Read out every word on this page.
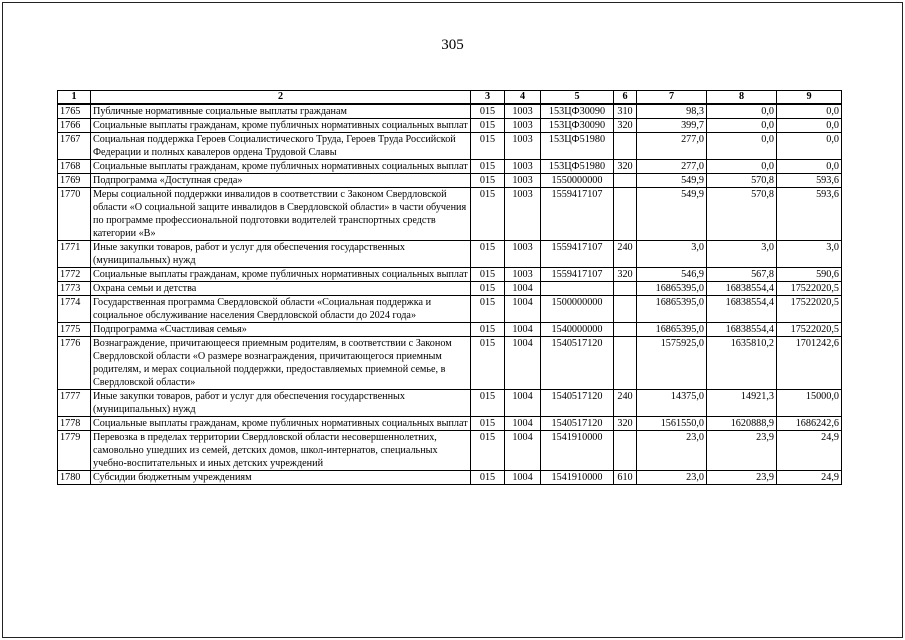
305
1	2	3	4	5	6	7	8	9
1765	Публичные нормативные социальные выплаты гражданам	015	1003	153ЦФ30090	310	98,3	0,0	0,0
1766	Социальные выплаты гражданам, кроме публичных нормативных социальных выплат	015	1003	153ЦФ30090	320	399,7	0,0	0,0
1767	Социальная поддержка Героев Социалистического Труда, Героев Труда Российской Федерации и полных кавалеров ордена Трудовой Славы	015	1003	153ЦФ51980		277,0	0,0	0,0
1768	Социальные выплаты гражданам, кроме публичных нормативных социальных выплат	015	1003	153ЦФ51980	320	277,0	0,0	0,0
1769	Подпрограмма «Доступная среда»	015	1003	1550000000		549,9	570,8	593,6
1770	Меры социальной поддержки инвалидов в соответствии с Законом Свердловской области «О социальной защите инвалидов в Свердловской области» в части обучения по программе профессиональной подготовки водителей транспортных средств категории «В»	015	1003	1559417107		549,9	570,8	593,6
1771	Иные закупки товаров, работ и услуг для обеспечения государственных (муниципальных) нужд	015	1003	1559417107	240	3,0	3,0	3,0
1772	Социальные выплаты гражданам, кроме публичных нормативных социальных выплат	015	1003	1559417107	320	546,9	567,8	590,6
1773	Охрана семьи и детства	015	1004			16865395,0	16838554,4	17522020,5
1774	Государственная программа Свердловской области «Социальная поддержка и социальное обслуживание населения Свердловской области до 2024 года»	015	1004	1500000000		16865395,0	16838554,4	17522020,5
1775	Подпрограмма «Счастливая семья»	015	1004	1540000000		16865395,0	16838554,4	17522020,5
1776	Вознаграждение, причитающееся приемным родителям, в соответствии с Законом Свердловской области «О размере вознаграждения, причитающегося приемным родителям, и мерах социальной поддержки, предоставляемых приемной семье, в Свердловской области»	015	1004	1540517120		1575925,0	1635810,2	1701242,6
1777	Иные закупки товаров, работ и услуг для обеспечения государственных (муниципальных) нужд	015	1004	1540517120	240	14375,0	14921,3	15000,0
1778	Социальные выплаты гражданам, кроме публичных нормативных социальных выплат	015	1004	1540517120	320	1561550,0	1620888,9	1686242,6
1779	Перевозка в пределах территории Свердловской области несовершеннолетних, самовольно ушедших из семей, детских домов, школ-интернатов, специальных учебно-воспитательных и иных детских учреждений	015	1004	1541910000		23,0	23,9	24,9
1780	Субсидии бюджетным учреждениям	015	1004	1541910000	610	23,0	23,9	24,9
